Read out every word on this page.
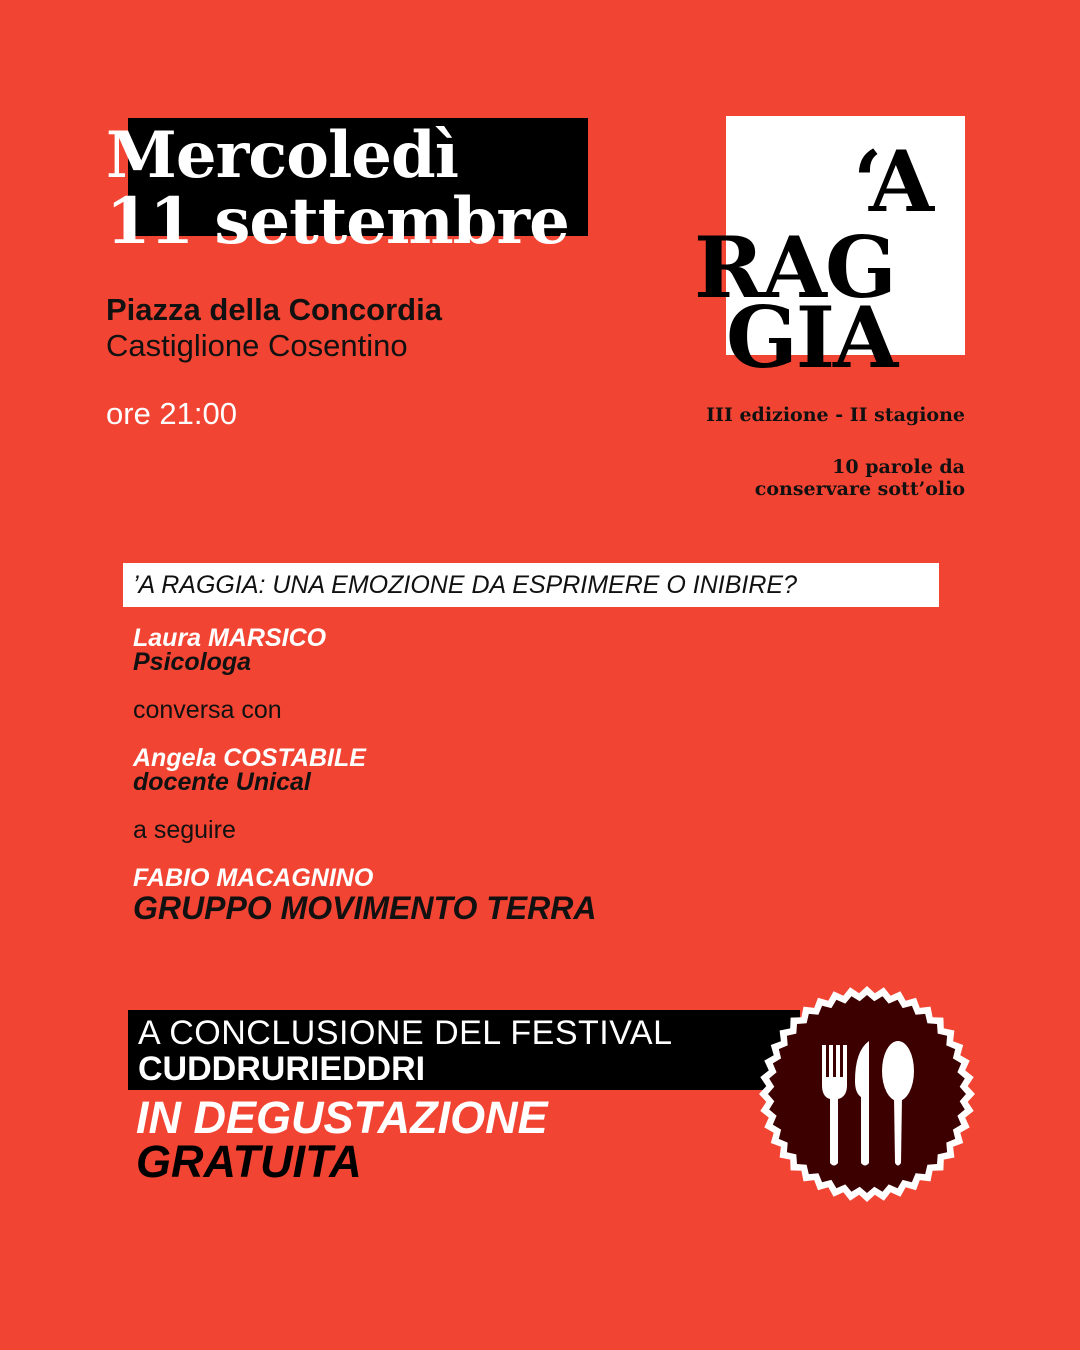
Mercoledì
11 settembre
Piazza della Concordia
Castiglione Cosentino
ore 21:00
‘A
RAG
GIA
III edizione - II stagione
10 parole da
conservare sott’olio
’A RAGGIA: UNA EMOZIONE DA ESPRIMERE O INIBIRE?
Laura MARSICO
Psicologa
conversa con
Angela COSTABILE
docente Unical
a seguire
FABIO MACAGNINO
GRUPPO MOVIMENTO TERRA
A CONCLUSIONE DEL FESTIVAL
CUDDRURIEDDRI
IN DEGUSTAZIONE
GRATUITA
